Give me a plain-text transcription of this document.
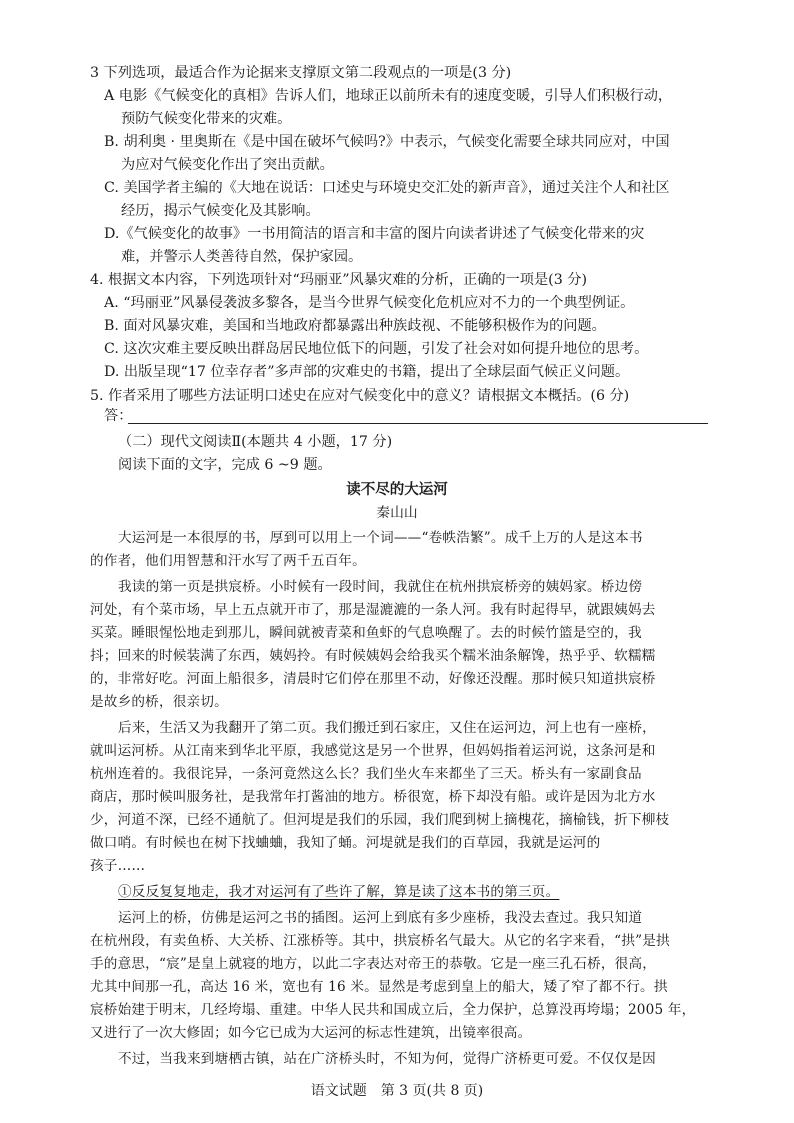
3 下列选项，最适合作为论据来支撑原文第二段观点的一项是(3 分)
A 电影《气候变化的真相》告诉人们，地球正以前所未有的速度变暖，引导人们积极行动，
预防气候变化带来的灾难。
B. 胡利奥 · 里奥斯在《是中国在破坏气候吗?》中表示，气候变化需要全球共同应对，中国
为应对气候变化作出了突出贡献。
C. 美国学者主编的《大地在说话：口述史与环境史交汇处的新声音》，通过关注个人和社区
经历，揭示气候变化及其影响。
D.《气候变化的故事》一书用简洁的语言和丰富的图片向读者讲述了气候变化带来的灾
难，并警示人类善待自然，保护家园。
4. 根据文本内容，下列选项针对“玛丽亚”风暴灾难的分析，正确的一项是(3 分)
A. “玛丽亚”风暴侵袭波多黎各，是当今世界气候变化危机应对不力的一个典型例证。
B. 面对风暴灾难，美国和当地政府都暴露出种族歧视、不能够积极作为的问题。
C. 这次灾难主要反映出群岛居民地位低下的问题，引发了社会对如何提升地位的思考。
D. 出版呈现“17 位幸存者”多声部的灾难史的书籍，提出了全球层面气候正义问题。
5. 作者采用了哪些方法证明口述史在应对气候变化中的意义？请根据文本概括。(6 分)
答：
（二）现代文阅读Ⅱ(本题共 4 小题，17 分)
阅读下面的文字，完成 6 ~9 题。
读不尽的大运河
秦山山
大运河是一本很厚的书，厚到可以用上一个词——“卷帙浩繁”。成千上万的人是这本书
的作者，他们用智慧和汗水写了两千五百年。
我读的第一页是拱宸桥。小时候有一段时间，我就住在杭州拱宸桥旁的姨妈家。桥边傍
河处，有个菜市场，早上五点就开市了，那是湿漉漉的一条人河。我有时起得早，就跟姨妈去
买菜。睡眼惺忪地走到那儿，瞬间就被青菜和鱼虾的气息唤醒了。去的时候竹篮是空的，我
抖；回来的时候装满了东西，姨妈拎。有时候姨妈会给我买个糯米油条解馋，热乎乎、软糯糯
的，非常好吃。河面上船很多，清晨时它们停在那里不动，好像还没醒。那时候只知道拱宸桥
是故乡的桥，很亲切。
后来，生活又为我翻开了第二页。我们搬迁到石家庄，又住在运河边，河上也有一座桥，
就叫运河桥。从江南来到华北平原，我感觉这是另一个世界，但妈妈指着运河说，这条河是和
杭州连着的。我很诧异，一条河竟然这么长？我们坐火车来都坐了三天。桥头有一家副食品
商店，那时候叫服务社，是我常年打酱油的地方。桥很宽，桥下却没有船。或许是因为北方水
少，河道不深，已经不通航了。但河堤是我们的乐园，我们爬到树上摘槐花，摘榆钱，折下柳枝
做口哨。有时候也在树下找蛐蛐，我知了蛹。河堤就是我们的百草园，我就是运河的
孩子……
①反反复复地走，我才对运河有了些许了解，算是读了这本书的第三页。
运河上的桥，仿佛是运河之书的插图。运河上到底有多少座桥，我没去查过。我只知道
在杭州段，有卖鱼桥、大关桥、江涨桥等。其中，拱宸桥名气最大。从它的名字来看，“拱”是拱
手的意思，“宸”是皇上就寝的地方，以此二字表达对帝王的恭敬。它是一座三孔石桥，很高，
尤其中间那一孔，高达 16 米，宽也有 16 米。显然是考虑到皇上的船大，矮了窄了都不行。拱
宸桥始建于明末，几经垮塌、重建。中华人民共和国成立后，全力保护，总算没再垮塌；2005 年，
又进行了一次大修固；如今它已成为大运河的标志性建筑，出镜率很高。
不过，当我来到塘栖古镇，站在广济桥头时，不知为何，觉得广济桥更可爱。不仅仅是因
语文试题　第 3 页(共 8 页)
